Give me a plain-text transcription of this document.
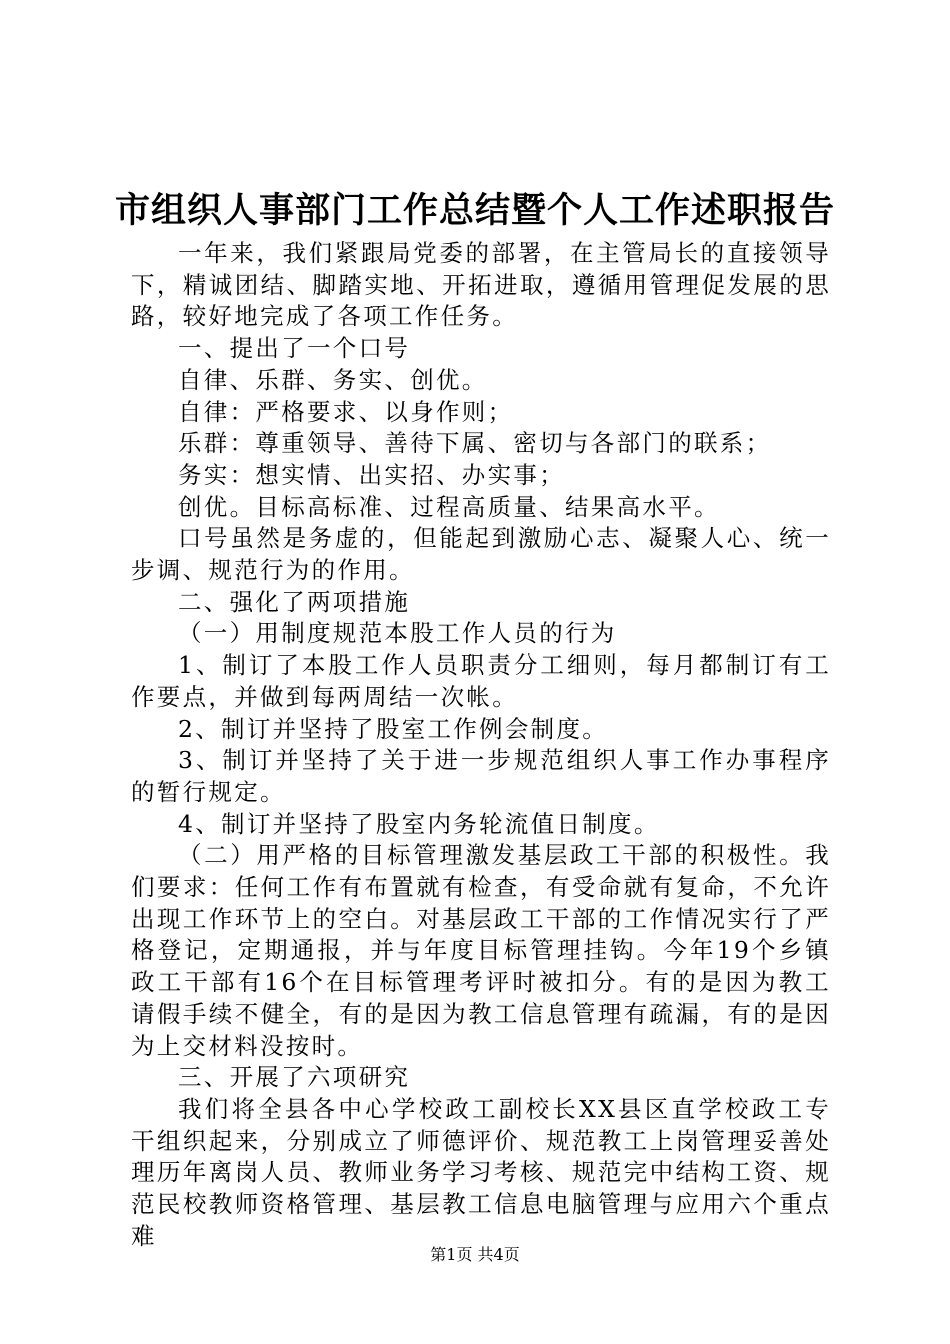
市组织人事部门工作总结暨个人工作述职报告

一年来，我们紧跟局党委的部署，在主管局长的直接领导下，精诚团结、脚踏实地、开拓进取，遵循用管理促发展的思路，较好地完成了各项工作任务。

一、提出了一个口号

自律、乐群、务实、创优。

自律：严格要求、以身作则；

乐群：尊重领导、善待下属、密切与各部门的联系；

务实：想实情、出实招、办实事；

创优。目标高标准、过程高质量、结果高水平。

口号虽然是务虚的，但能起到激励心志、凝聚人心、统一步调、规范行为的作用。

二、强化了两项措施

（一）用制度规范本股工作人员的行为

1、制订了本股工作人员职责分工细则，每月都制订有工作要点，并做到每两周结一次帐。

2、制订并坚持了股室工作例会制度。

3、制订并坚持了关于进一步规范组织人事工作办事程序的暂行规定。

4、制订并坚持了股室内务轮流值日制度。

（二）用严格的目标管理激发基层政工干部的积极性。我们要求：任何工作有布置就有检查，有受命就有复命，不允许出现工作环节上的空白。对基层政工干部的工作情况实行了严格登记，定期通报，并与年度目标管理挂钩。今年19个乡镇政工干部有16个在目标管理考评时被扣分。有的是因为教工请假手续不健全，有的是因为教工信息管理有疏漏，有的是因为上交材料没按时。

三、开展了六项研究

我们将全县各中心学校政工副校长XX县区直学校政工专干组织起来，分别成立了师德评价、规范教工上岗管理妥善处理历年离岗人员、教师业务学习考核、规范完中结构工资、规范民校教师资格管理、基层教工信息电脑管理与应用六个重点难

第1页 共4页
